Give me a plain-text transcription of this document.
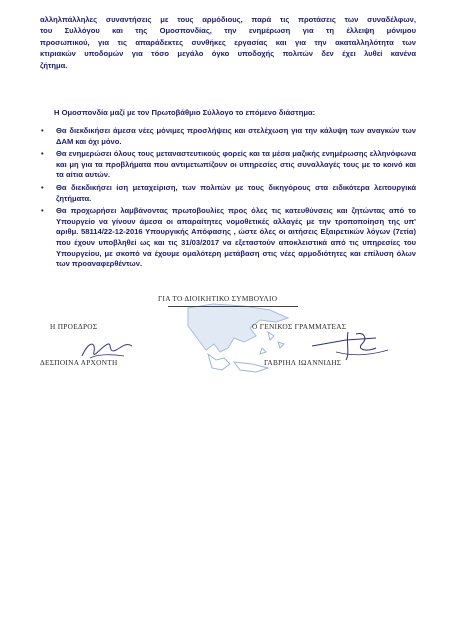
αλληλπάλληλες συναντήσεις με τους αρμόδιους, παρά τις προτάσεις των συναδέλφων,
του Συλλόγου και της Ομοσπονδίας, την ενημέρωση για τη έλλειψη μόνιμου
προσωπικού, για τις απαράδεκτες συνθήκες εργασίας και για την ακαταλληλότητα των
κτιριακών υποδομών για τόσο μεγάλο όγκο υποδοχής πολιτών δεν έχει λυθεί κανένα
ζήτημα.
Η Ομοσπονδία μαζί με τον Πρωτοβάθμιο Σύλλογο το επόμενο διάστημα:
• Θα διεκδικήσει άμεσα νέες μόνιμες προσλήψεις και στελέχωση για την κάλυψη των αναγκών των ΔΑΜ και όχι μόνο.
• Θα ενημερώσει όλους τους μεταναστευτικούς φορείς και τα μέσα μαζικής ενημέρωσης ελληνόφωνα και μη για τα προβλήματα που αντιμετωπίζουν οι υπηρεσίες στις συναλλαγές τους με το κοινό και τα αίτια αυτών.
• Θα διεκδικήσει ίση μεταχείριση, των πολιτών με τους δικηγόρους στα ειδικότερα λειτουργικά ζητήματα.
• Θα προχωρήσει λαμβάνοντας πρωτοβουλίες προς όλες τις κατευθύνσεις και ζητώντας από το Υπουργείο να γίνουν άμεσα οι απαραίτητες νομοθετικές αλλαγές με την τροποποίηση της υπ' αριθμ. 58114/22-12-2016 Υπουργικής Απόφασης , ώστε όλες οι αιτήσεις Εξαιρετικών λόγων (7ετία) που έχουν υποβληθεί ως και τις 31/03/2017 να εξεταστούν αποκλειστικά από τις υπηρεσίες του Υπουργείου, με σκοπό να έχουμε ομαλότερη μετάβαση στις νέες αρμοδιότητες και επίλυση όλων των προαναφερθέντων.
ΓΙΑ ΤΟ ΔΙΟΙΚΗΤΙΚΟ ΣΥΜΒΟΥΛΙΟ
Η ΠΡΟΕΔΡΟΣ	Ο ΓΕΝΙΚΟΣ ΓΡΑΜΜΑΤΕΑΣ
ΔΕΣΠΟΙΝΑ ΑΡΧΟΝΤΗ	ΓΑΒΡΙΗΛ ΙΩΑΝΝΙΔΗΣ
